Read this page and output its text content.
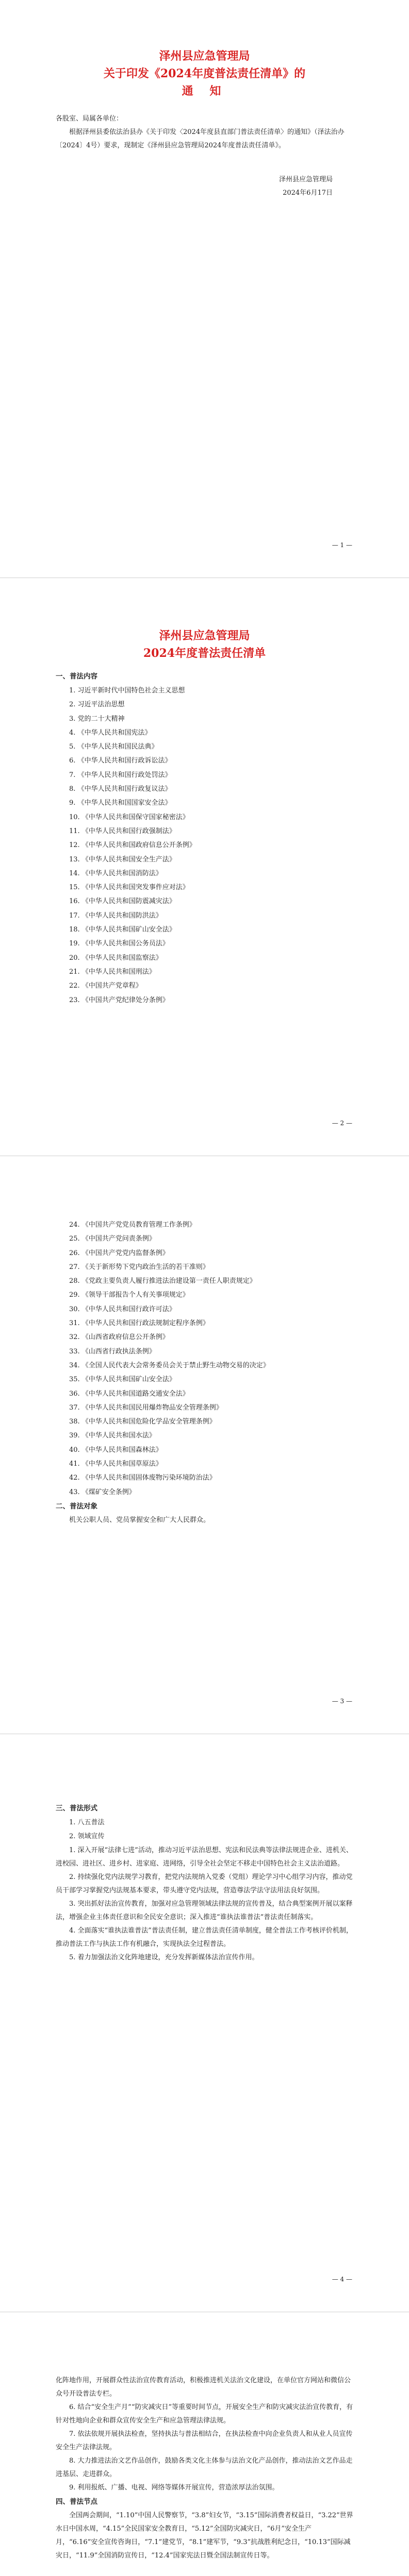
泽州县应急管理局

关于印发《2024年度普法责任清单》的

通 知

各股室、局属各单位：

根据泽州县委依法治县办《关于印发〈2024年度县直部门普法责任清单〉的通知》（泽法治办〔2024〕4号）要求，现制定《泽州县应急管理局2024年度普法责任清单》。

泽州县应急管理局

2024年6月17日

— 1 —

泽州县应急管理局

2024年度普法责任清单

一、普法内容

1. 习近平新时代中国特色社会主义思想

2. 习近平法治思想

3. 党的二十大精神

4. 《中华人民共和国宪法》

5. 《中华人民共和国民法典》

6. 《中华人民共和国行政诉讼法》

7. 《中华人民共和国行政处罚法》

8. 《中华人民共和国行政复议法》

9. 《中华人民共和国国家安全法》

10. 《中华人民共和国保守国家秘密法》

11. 《中华人民共和国行政强制法》

12. 《中华人民共和国政府信息公开条例》

13. 《中华人民共和国安全生产法》

14. 《中华人民共和国消防法》

15. 《中华人民共和国突发事件应对法》

16. 《中华人民共和国防震减灾法》

17. 《中华人民共和国防洪法》

18. 《中华人民共和国矿山安全法》

19. 《中华人民共和国公务员法》

20. 《中华人民共和国监察法》

21. 《中华人民共和国刑法》

22. 《中国共产党章程》

23. 《中国共产党纪律处分条例》

— 2 —

24. 《中国共产党党员教育管理工作条例》

25. 《中国共产党问责条例》

26. 《中国共产党党内监督条例》

27. 《关于新形势下党内政治生活的若干准则》

28. 《党政主要负责人履行推进法治建设第一责任人职责规定》

29. 《领导干部报告个人有关事项规定》

30. 《中华人民共和国行政许可法》

31. 《中华人民共和国行政法规制定程序条例》

32. 《山西省政府信息公开条例》

33. 《山西省行政执法条例》

34. 《全国人民代表大会常务委员会关于禁止野生动物交易的决定》

35. 《中华人民共和国矿山安全法》

36. 《中华人民共和国道路交通安全法》

37. 《中华人民共和国民用爆炸物品安全管理条例》

38. 《中华人民共和国危险化学品安全管理条例》

39. 《中华人民共和国水法》

40. 《中华人民共和国森林法》

41. 《中华人民共和国草原法》

42. 《中华人民共和国固体废物污染环境防治法》

43. 《煤矿安全条例》

二、普法对象

机关公职人员、党员掌握安全和广大人民群众。

— 3 —

三、普法形式

1. 八五普法

2. 领域宣传

1. 深入开展“法律七进”活动，推动习近平法治思想、宪法和民法典等法律法规进企业、进机关、进校园、进社区、进乡村、进家庭、进网络，引导全社会坚定不移走中国特色社会主义法治道路。

2. 持续强化党内法规学习教育，把党内法规纳入党委（党组）理论学习中心组学习内容，推动党员干部学习掌握党内法规基本要求，带头遵守党内法规，营造尊法学法守法用法良好氛围。

3. 突出抓好法治宣传教育，加强对应急管理领域法律法规的宣传普及，结合典型案例开展以案释法，增强企业主体责任意识和全民安全意识；深入推进“谁执法谁普法”普法责任制落实。

4. 全面落实“谁执法谁普法”普法责任制，建立普法责任清单制度，健全普法工作考核评价机制，推动普法工作与执法工作有机融合，实现执法全过程普法。

5. 着力加强法治文化阵地建设，充分发挥新媒体法治宣传作用。

— 4 —

化阵地作用，开展群众性法治宣传教育活动，积极推进机关法治文化建设，在单位官方网站和微信公众号开设普法专栏。

6. 结合“安全生产月”“防灾减灾日”等重要时间节点，开展安全生产和防灾减灾法治宣传教育，有针对性地向企业和群众宣传安全生产和应急管理法律法规。

7. 依法依规开展执法检查，坚持执法与普法相结合，在执法检查中向企业负责人和从业人员宣传安全生产法律法规。

8. 大力推进法治文艺作品创作，鼓励各类文化主体参与法治文化产品创作，推动法治文艺作品走进基层、走进群众。

9. 利用报纸、广播、电视、网络等媒体开展宣传，营造浓厚法治氛围。

四、普法节点

全国两会期间，“1.10”中国人民警察节，“3.8”妇女节，“3.15”国际消费者权益日，“3.22”世界水日中国水周，“4.15”全民国家安全教育日，“5.12”全国防灾减灾日，“6月”安全生产月，“6.16”安全宣传咨询日，“7.1”建党节，“8.1”建军节，“9.3”抗战胜利纪念日，“10.13”国际减灾日，“11.9”全国消防宣传日，“12.4”国家宪法日暨全国法制宣传日等。
